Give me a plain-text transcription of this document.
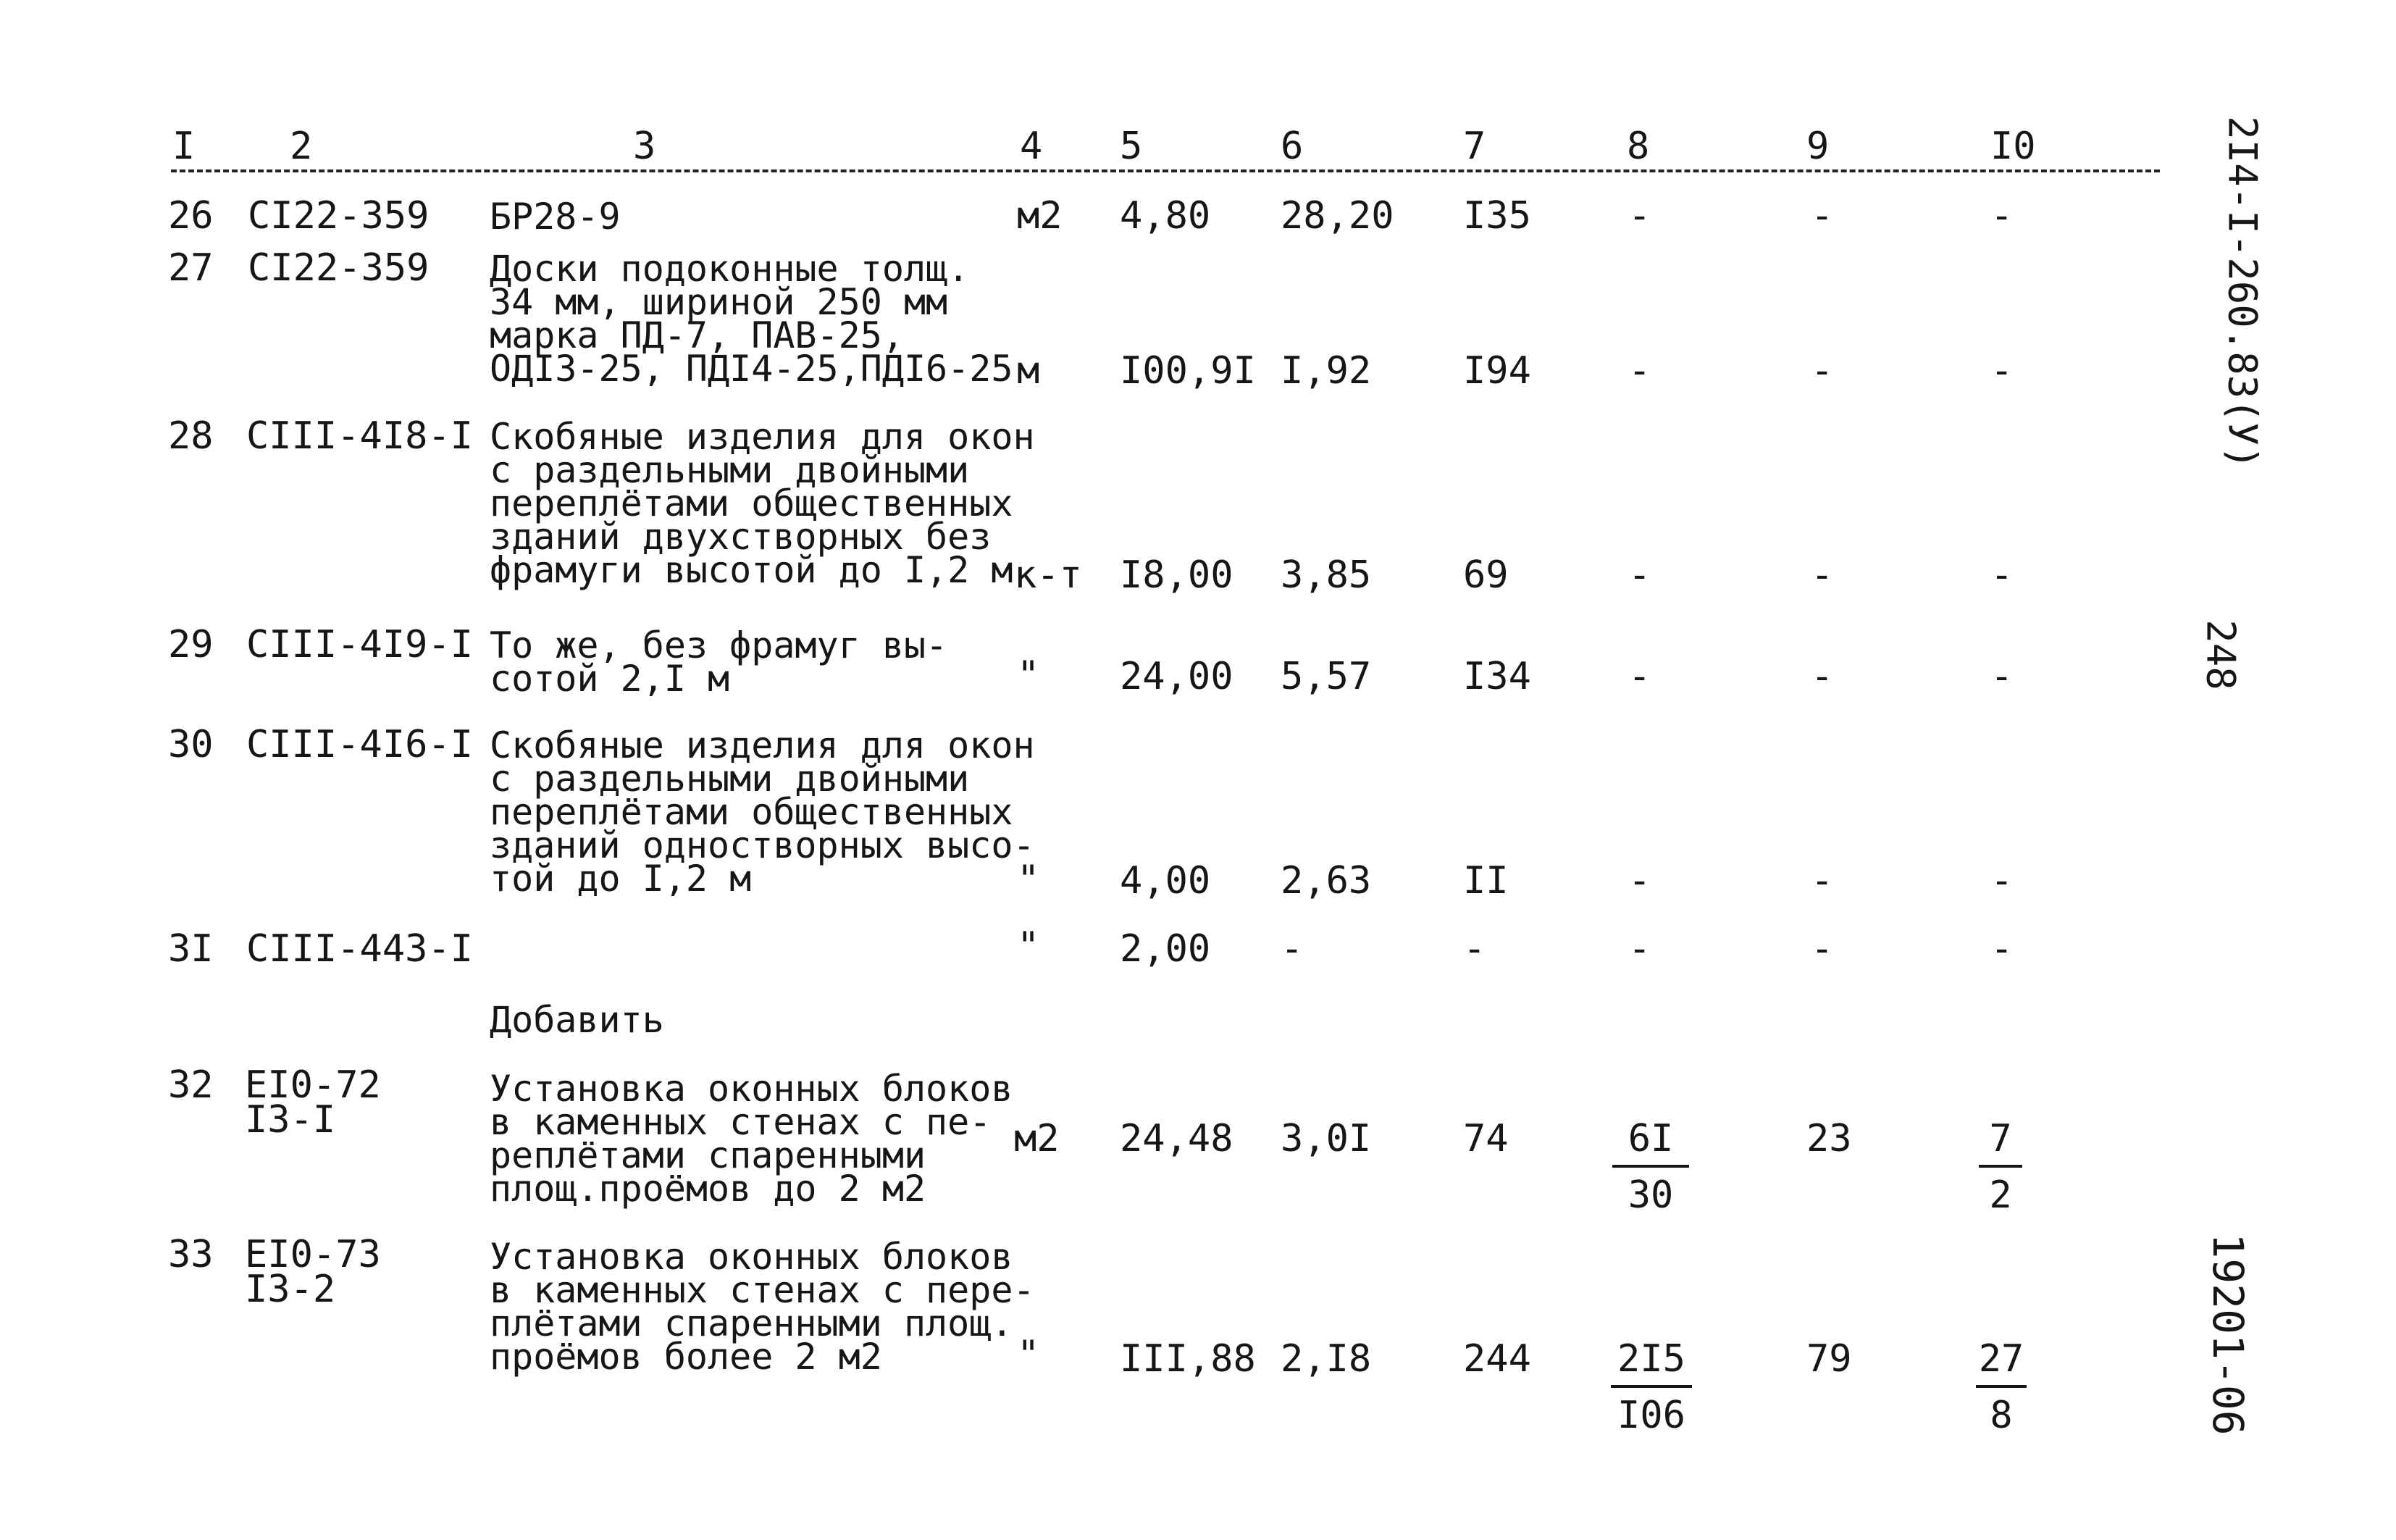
I	2	3	4 5	6	7	8	9	I0
26 CI22-359 БР28-9	м2 4,80 28,20 I35	-	-	-
27 CI22-359 Доски подоконные толщ.
34 мм, шириной 250 мм
марка ПД-7, ПАВ-25,
ОДI3-25, ПДI4-25,ПДI6-25 м I00,9I I,92 I94	-	-	-
28 CIII-4I8-I Скобяные изделия для окон
с раздельными двойными
переплётами общественных
зданий двухстворных без
фрамуги высотой до I,2 м к-т I8,00 3,85 69	-	-	-
29 CIII-4I9-I То же, без фрамуг вы-
сотой 2,I м	" 24,00 5,57 I34	-	-	-
30 CIII-4I6-I Скобяные изделия для окон
с раздельными двойными
переплётами общественных
зданий одностворных высо-
той до I,2 м	" 4,00 2,63 II	-	-	-
3I CIII-443-I	" 2,00 -	-	-	-	-
Добавить
32 EI0-72
I3-I
Установка оконных блоков
в каменных стенах с пе-
реплётами спаренными
площ.проёмов до 2 м2
м2 24,48 3,0I 74	$\frac{6I}{30}$	23	$\frac{7}{2}$
33 EI0-73
I3-2
Установка оконных блоков
в каменных стенах с пере-
плётами спаренными площ.
проёмов более 2 м2	" III,88 2,I8 $244 \frac{2I5}{I06}$	79	$\frac{27}{8}$
2I4-I-260.83(У)
248
19201-06
